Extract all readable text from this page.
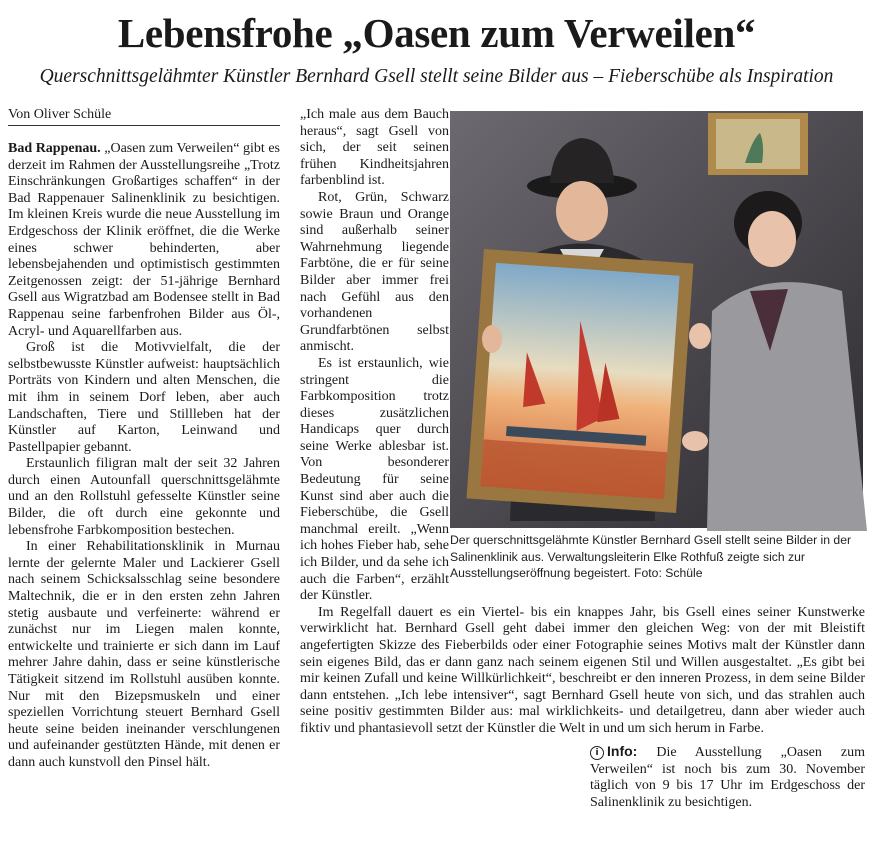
Lebensfrohe „Oasen zum Verweilen“
Querschnittsgelähmter Künstler Bernhard Gsell stellt seine Bilder aus – Fieberschübe als Inspiration
Von Oliver Schüle

Bad Rappenau. „Oasen zum Verweilen“ gibt es derzeit im Rahmen der Ausstellungsreihe „Trotz Einschränkungen Großartiges schaffen“ in der Bad Rappenauer Salinenklinik zu besichtigen. Im kleinen Kreis wurde die neue Ausstellung im Erdgeschoss der Klinik eröffnet, die die Werke eines schwer behinderten, aber lebensbejahenden und optimistisch gestimmten Zeitgenossen zeigt: der 51-jährige Bernhard Gsell aus Wigratzbad am Bodensee stellt in Bad Rappenau seine farbenfrohen Bilder aus Öl-, Acryl- und Aquarellfarben aus.

Groß ist die Motivvielfalt, die der selbstbewusste Künstler aufweist: hauptsächlich Porträts von Kindern und alten Menschen, die mit ihm in seinem Dorf leben, aber auch Landschaften, Tiere und Stillleben hat der Künstler auf Karton, Leinwand und Pastellpapier gebannt.

Erstaunlich filigran malt der seit 32 Jahren durch einen Autounfall querschnittsgelähmte und an den Rollstuhl gefesselte Künstler seine Bilder, die oft durch eine gekonnte und lebensfrohe Farbkomposition bestechen.

In einer Rehabilitationsklinik in Murnau lernte der gelernte Maler und Lackierer Gsell nach seinem Schicksalsschlag seine besondere Maltechnik, die er in den ersten zehn Jahren stetig ausbaute und verfeinerte: während er zunächst nur im Liegen malen konnte, entwickelte und trainierte er sich dann im Lauf mehrer Jahre dahin, dass er seine künstlerische Tätigkeit sitzend im Rollstuhl ausüben konnte. Nur mit den Bizepsmuskeln und einer speziellen Vorrichtung steuert Bernhard Gsell heute seine beiden ineinander verschlungenen und aufeinander gestützten Hände, mit denen er dann auch kunstvoll den Pinsel hält.

„Ich male aus dem Bauch heraus“, sagt Gsell von sich, der seit seinen frühen Kindheitsjahren farbenblind ist.

Rot, Grün, Schwarz sowie Braun und Orange sind außerhalb seiner Wahrnehmung liegende Farbtöne, die er für seine Bilder aber immer frei nach Gefühl aus den vorhandenen Grundfarbtönen selbst anmischt.

Es ist erstaunlich, wie stringent die Farbkomposition trotz dieses zusätzlichen Handicaps quer durch seine Werke ablesbar ist. Von besonderer Bedeutung für seine Kunst sind aber auch die Fieberschübe, die Gsell manchmal ereilt. „Wenn ich hohes Fieber hab, sehe ich Bilder, und da sehe ich auch die Farben“, erzählt der Künstler.

Im Regelfall dauert es ein Viertel- bis ein knappes Jahr, bis Gsell eines seiner Kunstwerke verwirklicht hat. Bernhard Gsell geht dabei immer den gleichen Weg: von der mit Bleistift angefertigten Skizze des Fieberbilds oder einer Fotographie seines Motivs malt der Künstler dann sein eigenes Bild, das er dann ganz nach seinem eigenen Stil und Willen ausgestaltet. „Es gibt bei mir keinen Zufall und keine Willkürlichkeit“, beschreibt er den inneren Prozess, in dem seine Bilder dann entstehen. „Ich lebe intensiver“, sagt Bernhard Gsell heute von sich, und das strahlen auch seine positiv gestimmten Bilder aus: mal wirklichkeits- und detailgetreu, dann aber wieder auch fiktiv und phantasievoll setzt der Künstler die Welt in und um sich herum in Farbe.

Der querschnittsgelähmte Künstler Bernhard Gsell stellt seine Bilder in der Salinenklinik aus. Verwaltungsleiterin Elke Rothfuß zeigte sich zur Ausstellungseröffnung begeistert. Foto: Schüle
i Info: Die Ausstellung „Oasen zum Verweilen“ ist noch bis zum 30. November täglich von 9 bis 17 Uhr im Erdgeschoss der Salinenklinik zu besichtigen.
